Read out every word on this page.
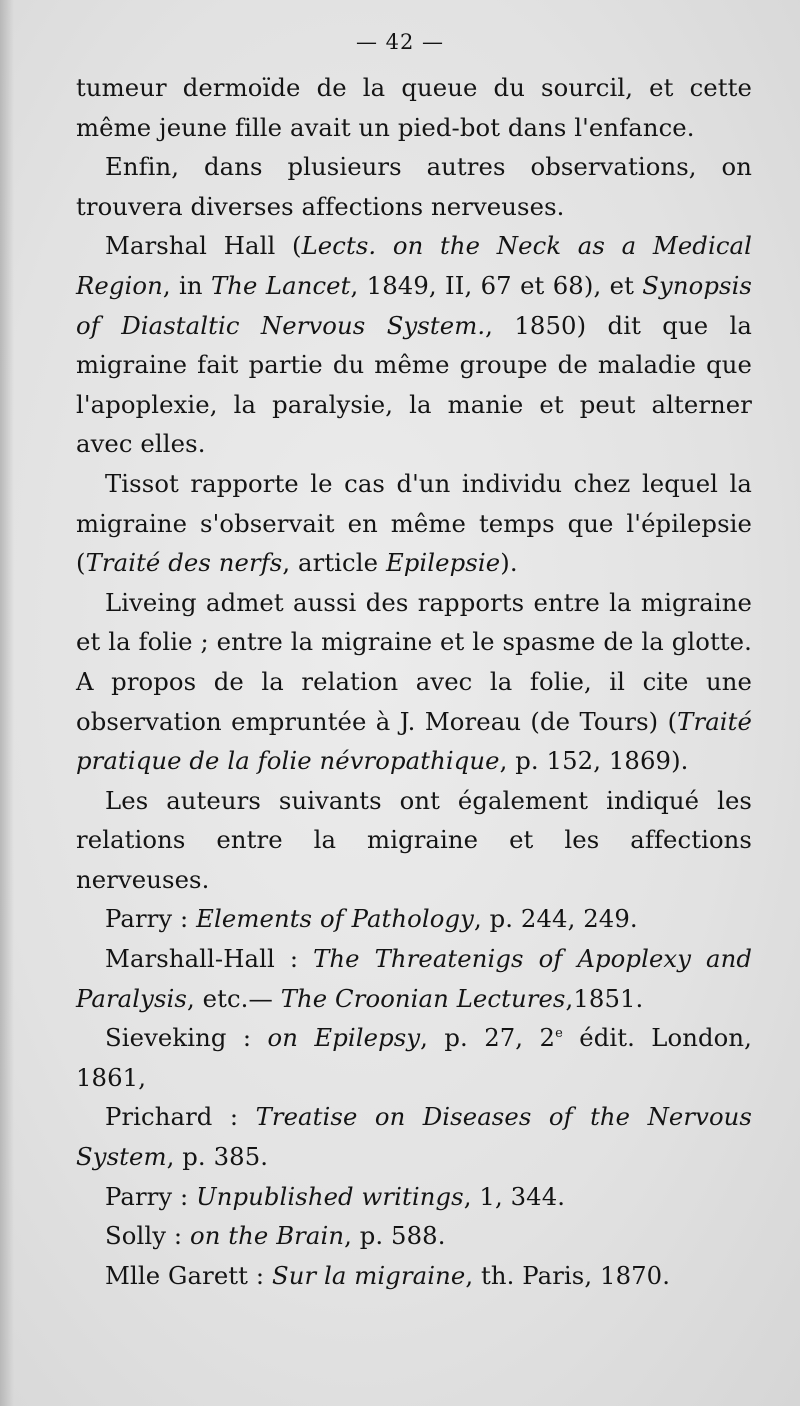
— 42 —

tumeur dermoïde de la queue du sourcil, et cette même jeune fille avait un pied-bot dans l'enfance.

Enfin, dans plusieurs autres observations, on trouvera diverses affections nerveuses.

Marshal Hall (Lects. on the Neck as a Medical Region, in The Lancet, 1849, II, 67 et 68), et Synopsis of Diastaltic Nervous System., 1850) dit que la migraine fait partie du même groupe de maladie que l'apoplexie, la paralysie, la manie et peut alterner avec elles.

Tissot rapporte le cas d'un individu chez lequel la migraine s'observait en même temps que l'épilepsie (Traité des nerfs, article Epilepsie).

Liveing admet aussi des rapports entre la migraine et la folie ; entre la migraine et le spasme de la glotte. A propos de la relation avec la folie, il cite une observation empruntée à J. Moreau (de Tours) (Traité pratique de la folie névropathique, p. 152, 1869).

Les auteurs suivants ont également indiqué les relations entre la migraine et les affections nerveuses.

Parry : Elements of Pathology, p. 244, 249.

Marshall-Hall : The Threatenigs of Apoplexy and Paralysis, etc.— The Croonian Lectures,1851.

Sieveking : on Epilepsy, p. 27, 2e édit. London, 1861,

Prichard : Treatise on Diseases of the Nervous System, p. 385.

Parry : Unpublished writings, 1, 344.

Solly : on the Brain, p. 588.

Mlle Garett : Sur la migraine, th. Paris, 1870.
